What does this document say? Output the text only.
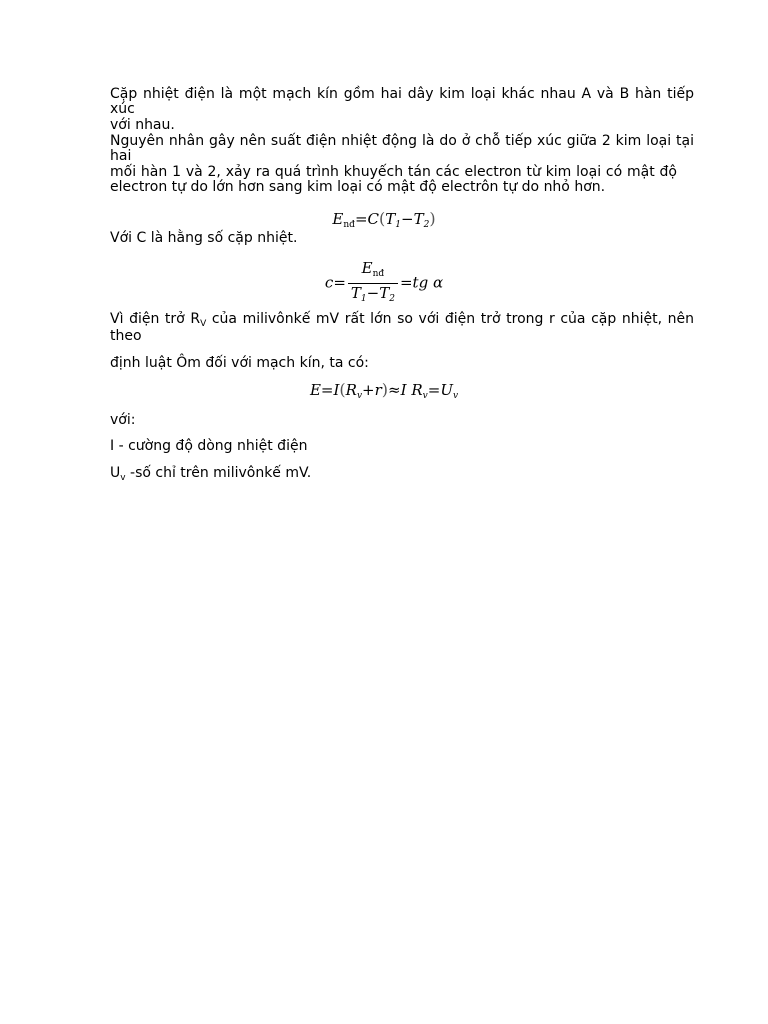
Cặp nhiệt điện là một mạch kín gồm hai dây kim loại khác nhau A và B hàn tiếp
xúc
với nhau.
Nguyên nhân gây nên suất điện nhiệt động là do ở chỗ tiếp xúc giữa 2 kim loại tại
hai
mối hàn 1 và 2, xảy ra quá trình khuyếch tán các electron từ kim loại có mật độ
electron tự do lớn hơn sang kim loại có mật độ electrôn tự do nhỏ hơn.
$E_{nđ}=C(T_1-T_2)$
Với C là hằng số cặp nhiệt.
$c= \frac{E_{nđ}}{T_1-T_2} =tg$ α
Vì điện trở $R_V$ của milivônkế mV rất lớn so với điện trở trong r của cặp nhiệt, nên
theo
định luật Ôm đối với mạch kín, ta có:
$E=I(R_v+r)\approx I$ $R_v=U_v$
với:
I - cường độ dòng nhiệt điện
$U_v$ -số chỉ trên milivônkế mV.
